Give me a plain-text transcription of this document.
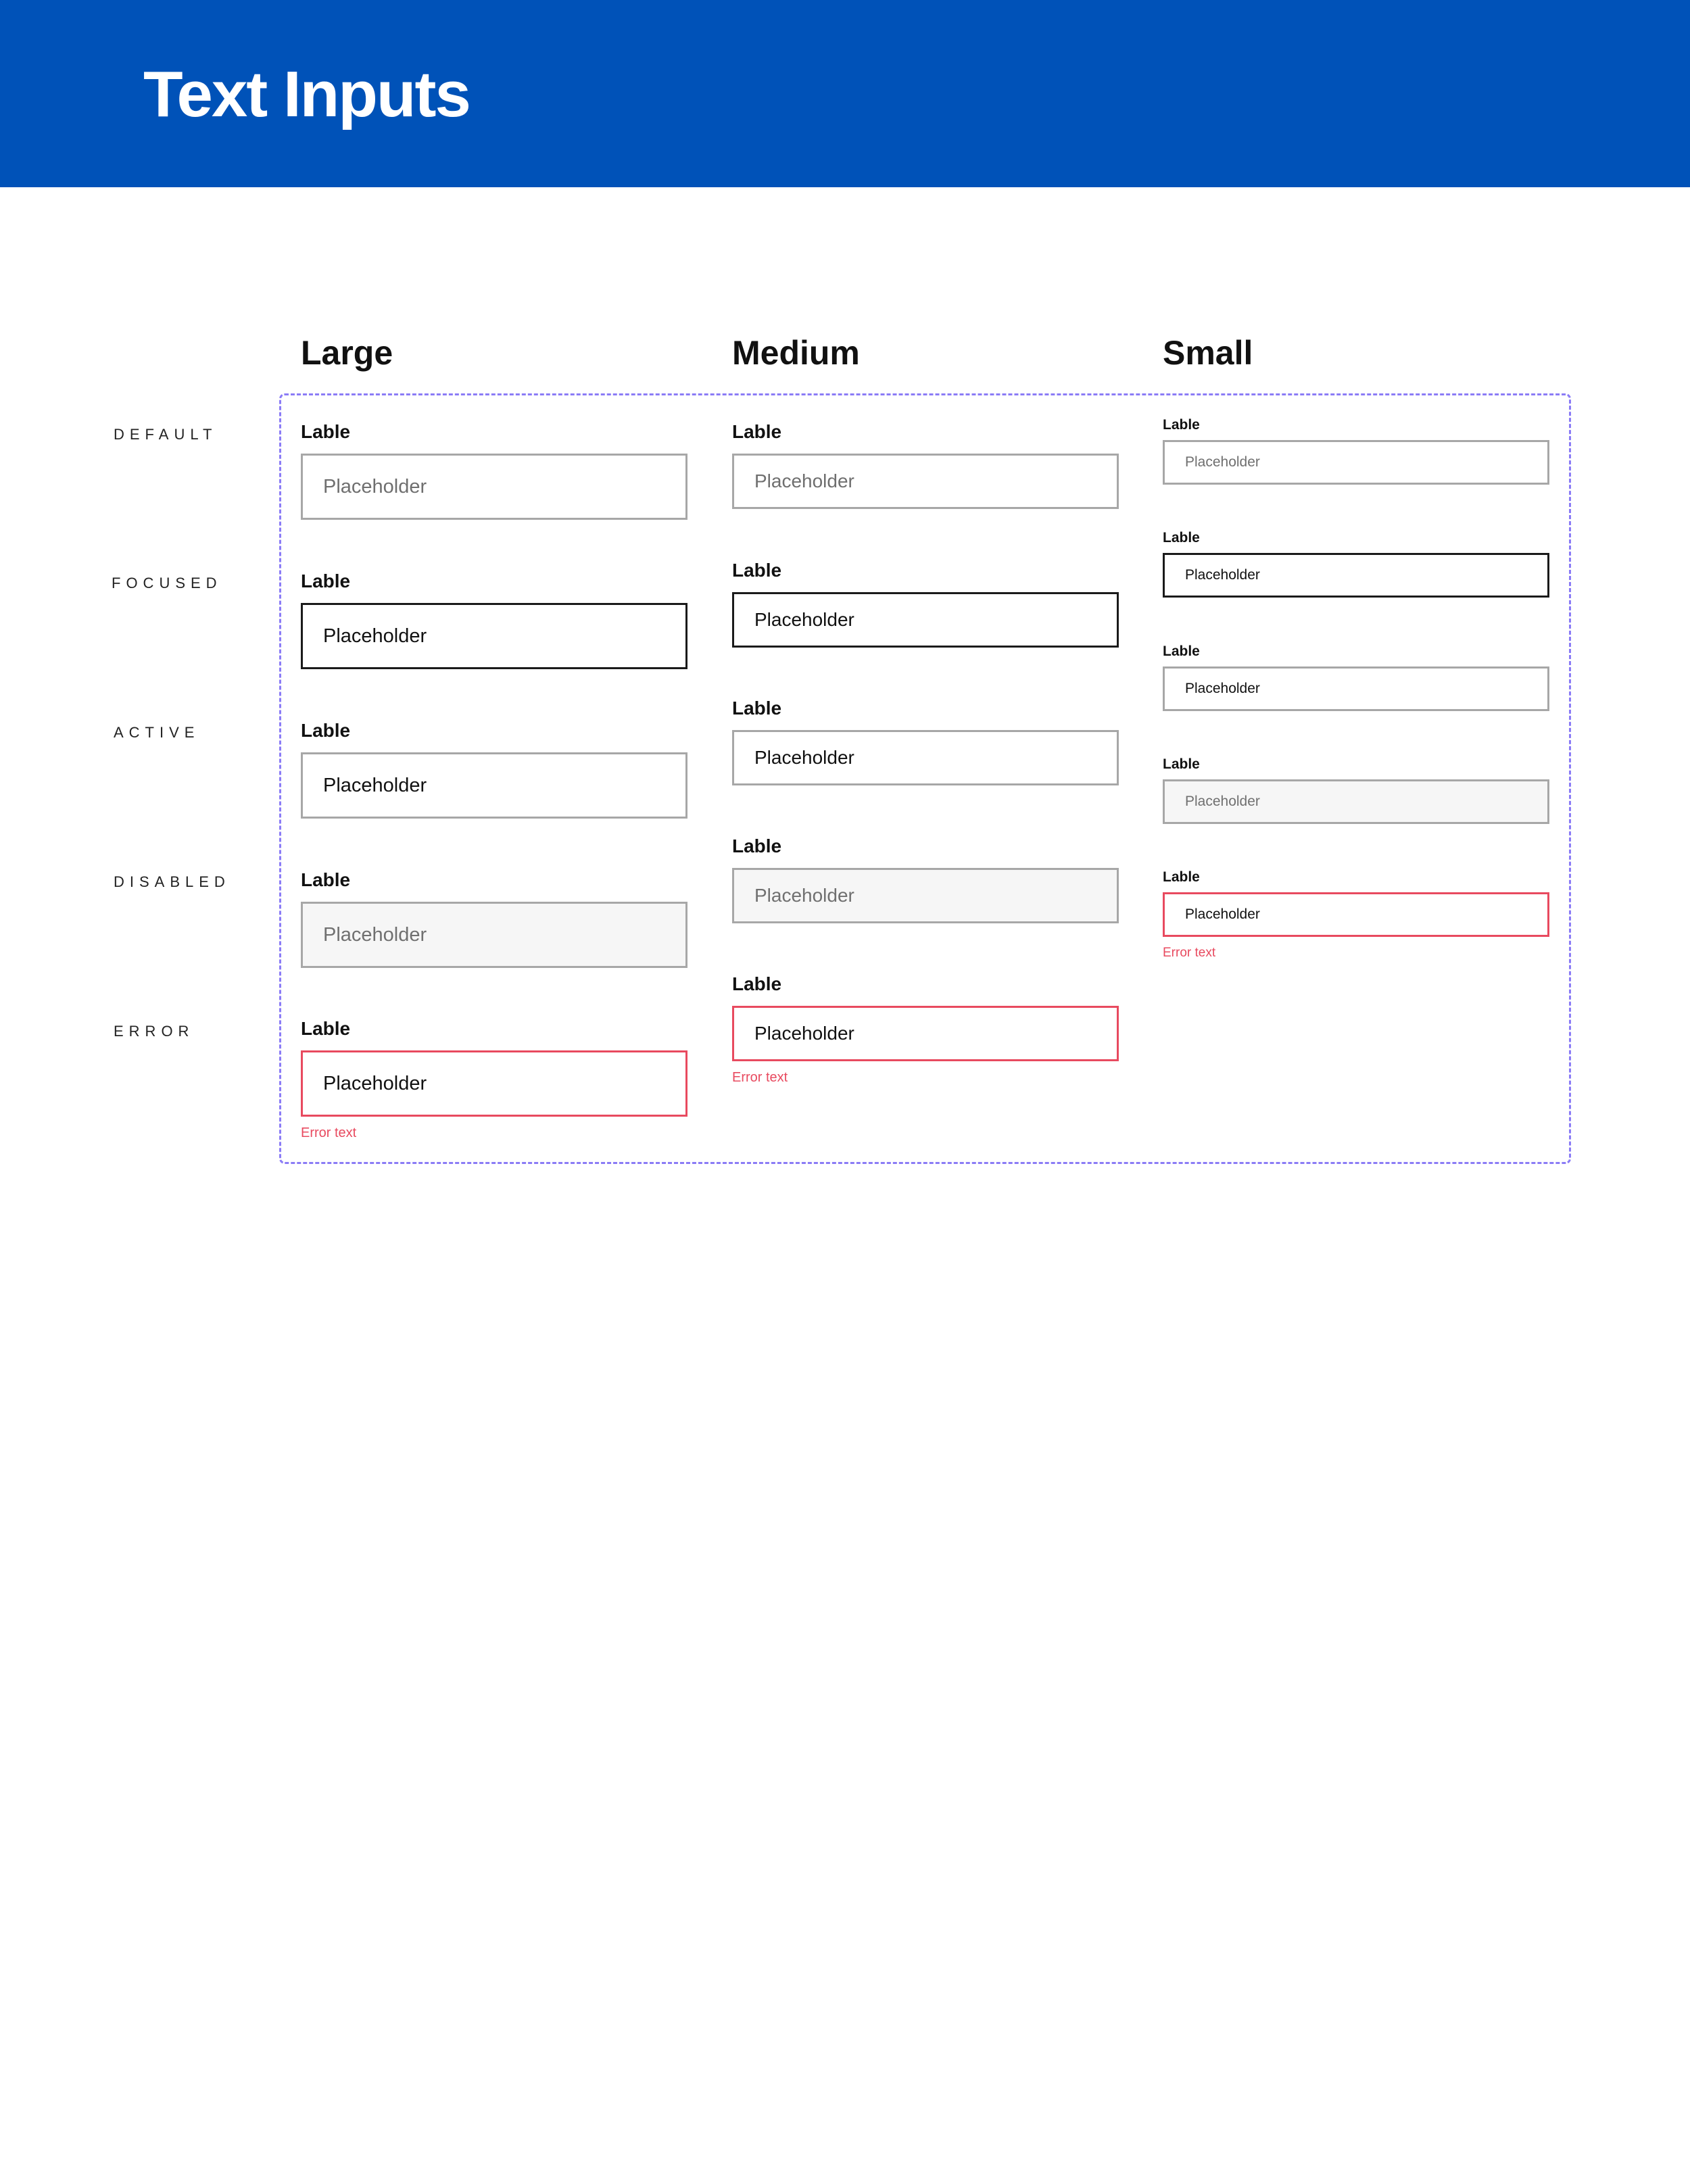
Text Inputs
Large	Medium	Small
DEFAULT
FOCUSED
ACTIVE
DISABLED
ERROR
Lable
Placeholder
Lable
Placeholder
Lable
Placeholder
Lable
Placeholder
Lable
Placeholder
Error text
Lable
Placeholder
Lable
Placeholder
Lable
Placeholder
Lable
Placeholder
Lable
Placeholder
Error text
Lable
Placeholder
Lable
Placeholder
Lable
Placeholder
Lable
Placeholder
Lable
Placeholder
Error text
